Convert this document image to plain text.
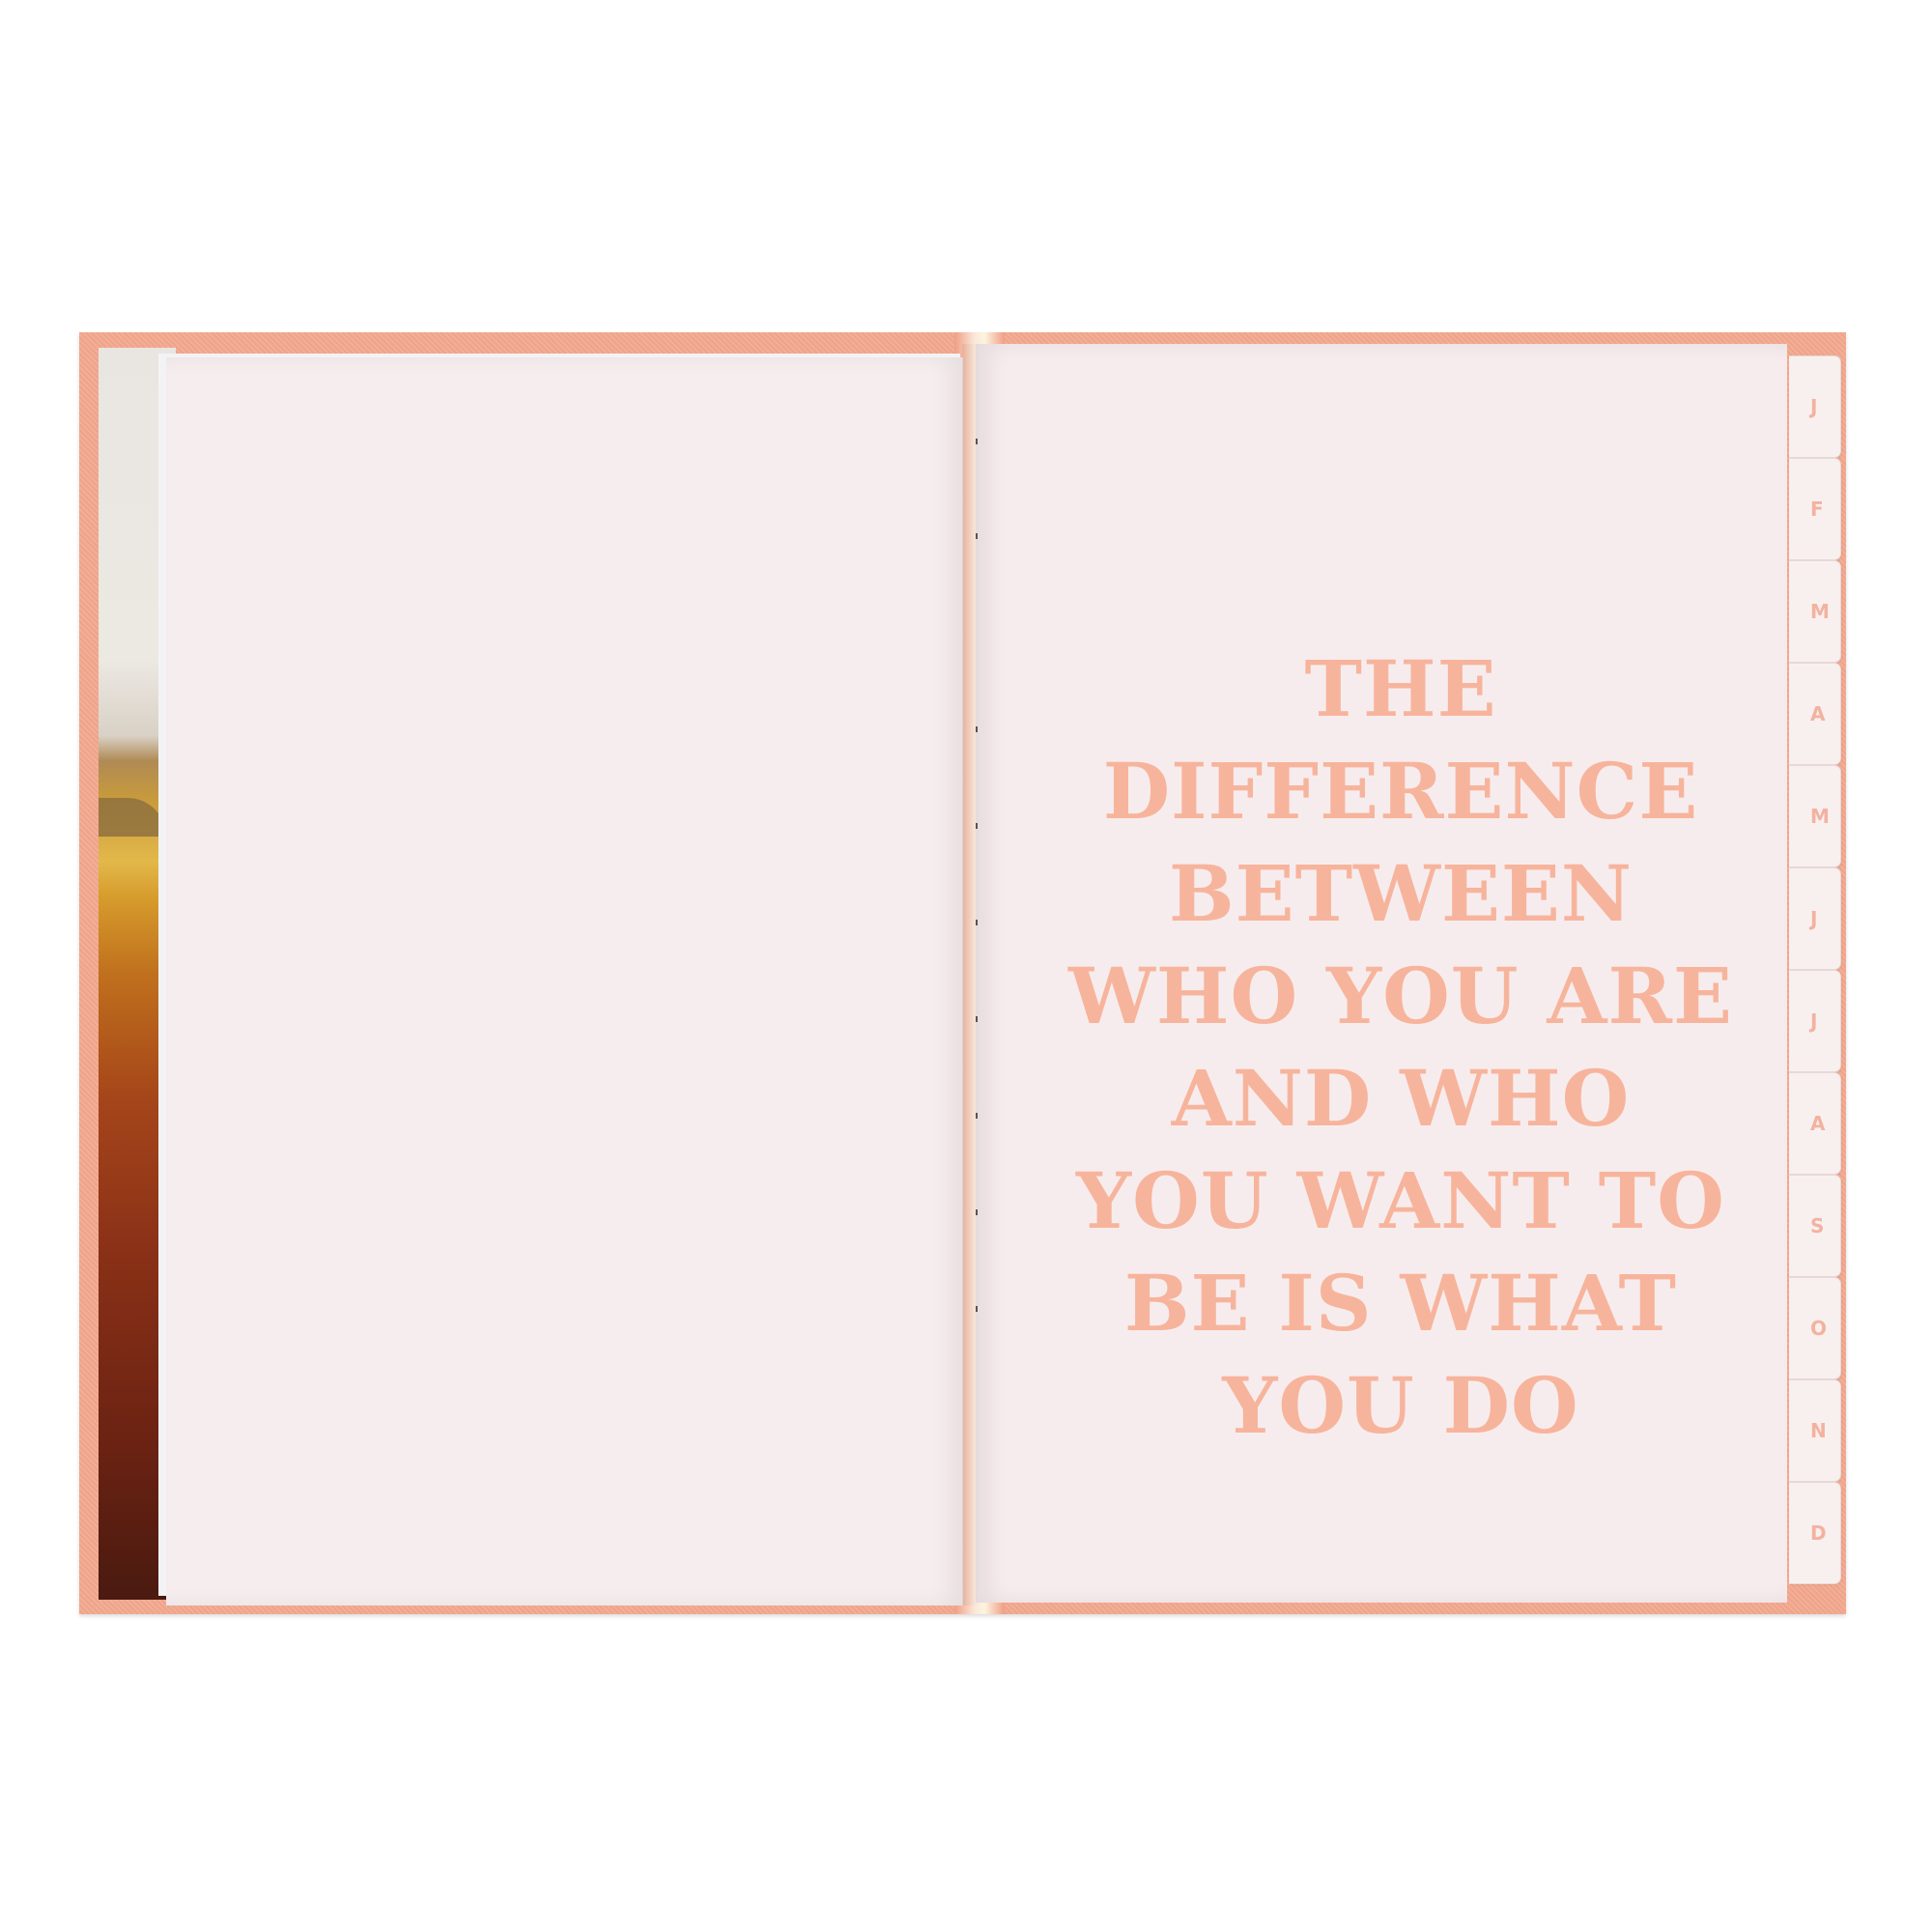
THE
DIFFERENCE
BETWEEN
WHO YOU ARE
AND WHO
YOU WANT TO
BE IS WHAT
YOU DO
J
F
M
A
M
J
J
A
S
O
N
D
